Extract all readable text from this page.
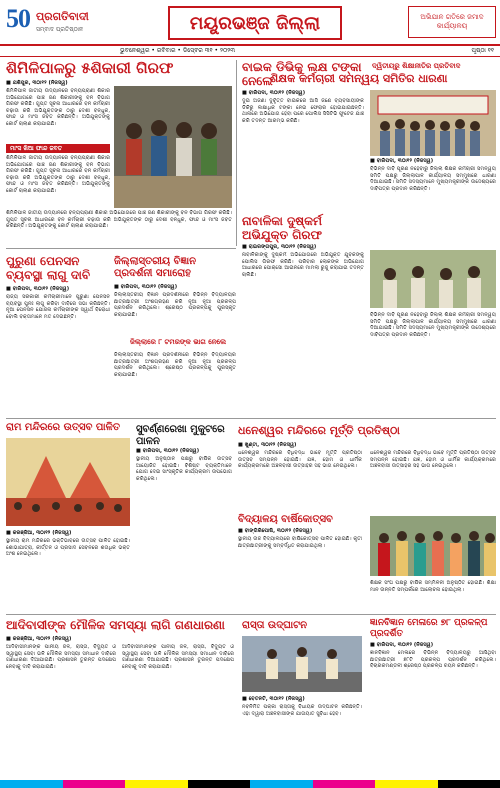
50 ପ୍ରଗତିବାଦୀ
ସମ୍ବାଦ ପ୍ରତିଷ୍ଠାନ	ମୟୂରଭଞ୍ଜ ଜିଲ୍ଲା	ଅଭିଯାନ ଗତିରେ ଜମାଦ କାର୍ଯ୍ୟାଳୟ
ଭୁବନେଶ୍ୱର • ରବିବାର • ଡିସେ୍ବର ୩୧ • ୨୦୨୩	ପୃଷ୍ଠା ୧୧
ଶିମିଳିପାଳରୁ ୫ଶିକାରୀ ଗିରଫ
■ ଯଶିପୁର, ୩୦ା୧୨ (ନିଜସ୍ୱ)
ଶିମିଳିପାଳ ଜାତୀୟ ଉଦ୍ୟାନରେ ବନ୍ୟପ୍ରାଣୀ ଶିକାର ଅଭିଯୋଗରେ ପାଞ୍ଚ ଜଣ ଶିକାରୀଙ୍କୁ ବନ ବିଭାଗ ଗିରଫ କରିଛି। ଗୁପ୍ତ ସୂଚନା ଆଧାରରେ ବନ କର୍ମଚାରୀ ଚଢ଼ାଉ କରି ଅଭିଯୁକ୍ତଙ୍କ ଠାରୁ ଦେଶୀ ବନ୍ଧୁକ, ଫାନ୍ଦ ଓ ମାଂସ ଜବତ କରିଛନ୍ତି। ଅଭିଯୁକ୍ତଙ୍କୁ କୋର୍ଟ ଚାଲାଣ କରାଯାଇଛି।
ମାଂସ ଖିଆ ଫାନ୍ଦ ଜବତ
ଶିମିଳିପାଳ ଜାତୀୟ ଉଦ୍ୟାନରେ ବନ୍ୟପ୍ରାଣୀ ଶିକାର ଅଭିଯୋଗରେ ପାଞ୍ଚ ଜଣ ଶିକାରୀଙ୍କୁ ବନ ବିଭାଗ ଗିରଫ କରିଛି। ଗୁପ୍ତ ସୂଚନା ଆଧାରରେ ବନ କର୍ମଚାରୀ ଚଢ଼ାଉ କରି ଅଭିଯୁକ୍ତଙ୍କ ଠାରୁ ଦେଶୀ ବନ୍ଧୁକ, ଫାନ୍ଦ ଓ ମାଂସ ଜବତ କରିଛନ୍ତି। ଅଭିଯୁକ୍ତଙ୍କୁ କୋର୍ଟ ଚାଲାଣ କରାଯାଇଛି।
ଶିମିଳିପାଳ ଜାତୀୟ ଉଦ୍ୟାନରେ ବନ୍ୟପ୍ରାଣୀ ଶିକାର ଅଭିଯୋଗରେ ପାଞ୍ଚ ଜଣ ଶିକାରୀଙ୍କୁ ବନ ବିଭାଗ ଗିରଫ କରିଛି। ଗୁପ୍ତ ସୂଚନା ଆଧାରରେ ବନ କର୍ମଚାରୀ ଚଢ଼ାଉ କରି ଅଭିଯୁକ୍ତଙ୍କ ଠାରୁ ଦେଶୀ ବନ୍ଧୁକ, ଫାନ୍ଦ ଓ ମାଂସ ଜବତ କରିଛନ୍ତି। ଅଭିଯୁକ୍ତଙ୍କୁ କୋର୍ଟ ଚାଲାଣ କରାଯାଇଛି।
ବାଇକ ଡିଭିକୁ ଲକ୍ଷ ଟଙ୍କା ନେଲେ
■ ବାରିପଦା, ୩୦ା୧୨ (ନିଜସ୍ୱ)
ଦୁଇ ଅଜଣା ଦୁର୍ବୃତ୍ତ ବାଇକରେ ଆସି ଜଣେ ବ୍ୟବସାୟୀଙ୍କ ଡିକିରୁ ଲକ୍ଷାଧିକ ଟଙ୍କା ନେଇ ଫେରାର ହୋଇଯାଇଛନ୍ତି। ଥାନାରେ ଅଭିଯୋଗ ହେବା ପରେ ପୋଲିସ ସିସିଟିଭି ଫୁଟେଜ ଯାଞ୍ଚ କରି ତଦନ୍ତ ଆରମ୍ଭ କରିଛି।
ଦ୍ୱିତୀୟରୁ ଶିକ୍ଷାନୀତିର ପ୍ରତିବାଦ
ଶିକ୍ଷକ କର୍ମଚାରୀ ସମନ୍ୱୟ ସମିତିର ଧାରଣା
■ ବାରିପଦା, ୩୦ା୧୨ (ନିଜସ୍ୱ)
ବିଭିନ୍ନ ଦାବି ପୂରଣ ନହେବାରୁ ଜିଲ୍ଲା ଶିକ୍ଷକ କର୍ମଚାରୀ ସମନ୍ୱୟ ସମିତି ପକ୍ଷରୁ ଜିଲ୍ଲାପାଳ କାର୍ଯ୍ୟାଳୟ ସମ୍ମୁଖରେ ଧାରଣା ଦିଆଯାଇଛି। ସମିତି ସଦସ୍ୟମାନେ ମୁଖ୍ୟମନ୍ତ୍ରୀଙ୍କ ଉଦ୍ଦେଶ୍ୟରେ ଦାବିପତ୍ର ପ୍ରଦାନ କରିଛନ୍ତି।
ନାବାଳିକା ଦୁଷ୍କର୍ମ ଅଭିଯୁକ୍ତ ଗିରଫ
■ ରାଇରଙ୍ଗପୁର, ୩୦ା୧୨ (ନିଜସ୍ୱ)
ନାବାଳିକାଙ୍କୁ ଦୁଷ୍କର୍ମ ଅଭିଯୋଗରେ ଅଭିଯୁକ୍ତ ଯୁବକଙ୍କୁ ପୋଲିସ ଗିରଫ କରିଛି। ପରିବାର ଲୋକଙ୍କ ଅଭିଯୋଗ ଆଧାରରେ ପୋକ୍ସୋ ଆଇନରେ ମାମଲା ରୁଜୁ କରାଯାଇ ତଦନ୍ତ ଚାଲିଛି।
ବିଭିନ୍ନ ଦାବି ପୂରଣ ନହେବାରୁ ଜିଲ୍ଲା ଶିକ୍ଷକ କର୍ମଚାରୀ ସମନ୍ୱୟ ସମିତି ପକ୍ଷରୁ ଜିଲ୍ଲାପାଳ କାର୍ଯ୍ୟାଳୟ ସମ୍ମୁଖରେ ଧାରଣା ଦିଆଯାଇଛି। ସମିତି ସଦସ୍ୟମାନେ ମୁଖ୍ୟମନ୍ତ୍ରୀଙ୍କ ଉଦ୍ଦେଶ୍ୟରେ ଦାବିପତ୍ର ପ୍ରଦାନ କରିଛନ୍ତି।
ପୁରୁଣା ପେନସନ ବ୍ୟବସ୍ଥା ଲାଗୁ ଦାବି
■ ବାରିପଦା, ୩୦ା୧୨ (ନିଜସ୍ୱ)
ରାଜ୍ୟ ସରକାରୀ କର୍ମଚାରୀମାନେ ପୁରୁଣା ପେନସନ ବ୍ୟବସ୍ଥା ପୁନଃ ଲାଗୁ କରିବା ଦାବିରେ ସଭା କରିଛନ୍ତି। ନୂଆ ପେନସନ ଯୋଜନା କର୍ମଚାରୀଙ୍କ ସ୍ୱାର୍ଥ ବିରୋଧୀ ବୋଲି ବକ୍ତାମାନେ ମତ ଦେଇଛନ୍ତି।
ଜିଲ୍ଲାସ୍ତରୀୟ ବିଜ୍ଞାନ ପ୍ରଦର୍ଶନୀ ସମାରୋହ
■ ବାରିପଦା, ୩୦ା୧୨ (ନିଜସ୍ୱ)
ଜିଲ୍ଲାସ୍ତରୀୟ ବିଜ୍ଞାନ ପ୍ରଦର୍ଶନୀରେ ବିଭିନ୍ନ ବିଦ୍ୟାଳୟର ଛାତ୍ରଛାତ୍ରୀ ଅଂଶଗ୍ରହଣ କରି ନୂଆ ନୂଆ ପ୍ରକଳ୍ପ ପ୍ରଦର୍ଶନ କରିଥିଲେ। ଶ୍ରେଷ୍ଠ ପ୍ରକଳ୍ପକୁ ପୁରସ୍କୃତ କରାଯାଇଛି।
ଜିଲ୍ଲାରେ ୮ ଟମରଙ୍କ ଭାଗ ନେଲେ
ଜିଲ୍ଲାସ୍ତରୀୟ ବିଜ୍ଞାନ ପ୍ରଦର୍ଶନୀରେ ବିଭିନ୍ନ ବିଦ୍ୟାଳୟର ଛାତ୍ରଛାତ୍ରୀ ଅଂଶଗ୍ରହଣ କରି ନୂଆ ନୂଆ ପ୍ରକଳ୍ପ ପ୍ରଦର୍ଶନ କରିଥିଲେ। ଶ୍ରେଷ୍ଠ ପ୍ରକଳ୍ପକୁ ପୁରସ୍କୃତ କରାଯାଇଛି।
ରାମ ମନ୍ଦିରରେ ଉତ୍ସବ ପାଳିତ
■ କରଞ୍ଜିଆ, ୩୦ା୧୨ (ନିଜସ୍ୱ)
ସ୍ଥାନୀୟ ରାମ ମନ୍ଦିରରେ ଭକ୍ତିଭାବରେ ଉତ୍ସବ ପାଳିତ ହୋଇଛି। ଶୋଭାଯାତ୍ରା, କୀର୍ତ୍ତନ ଓ ପ୍ରସାଦ ସେବନରେ ଶତାଧିକ ଭକ୍ତ ଅଂଶ ନେଇଥିଲେ।
ସୁବର୍ଣ୍ଣରେଖା ମୁକୁଟରେ ପାଳନ
■ ବାରିପଦା, ୩୦ା୧୨ (ନିଜସ୍ୱ)
ସ୍ଥାନୀୟ ଅନୁଷ୍ଠାନ ପକ୍ଷରୁ ବାର୍ଷିକ ଉତ୍ସବ ଆୟୋଜିତ ହୋଇଛି। ବିଶିଷ୍ଟ ବ୍ୟକ୍ତିମାନେ ଯୋଗ ଦେଇ ସାଂସ୍କୃତିକ କାର୍ଯ୍ୟକ୍ରମ ଉପଭୋଗ କରିଥିଲେ।
ଧନେଶ୍ୱର ମନ୍ଦିରରେ ମୂର୍ତ୍ତି ପ୍ରତିଷ୍ଠା
■ ଖୁଣ୍ଟା, ୩୦ା୧୨ (ନିଜସ୍ୱ)
ଧନେଶ୍ୱର ମନ୍ଦିରରେ ବିଧିବଦ୍ଧ ଭାବେ ମୂର୍ତ୍ତି ପ୍ରତିଷ୍ଠା ଉତ୍ସବ ସମ୍ପନ୍ନ ହୋଇଛି। ଯଜ୍ଞ, ହୋମ ଓ ଧାର୍ମିକ କାର୍ଯ୍ୟକ୍ରମରେ ଅଞ୍ଚଳବାସୀ ଉତ୍ସାହର ସହ ଭାଗ ନେଇଥିଲେ।
ଧନେଶ୍ୱର ମନ୍ଦିରରେ ବିଧିବଦ୍ଧ ଭାବେ ମୂର୍ତ୍ତି ପ୍ରତିଷ୍ଠା ଉତ୍ସବ ସମ୍ପନ୍ନ ହୋଇଛି। ଯଜ୍ଞ, ହୋମ ଓ ଧାର୍ମିକ କାର୍ଯ୍ୟକ୍ରମରେ ଅଞ୍ଚଳବାସୀ ଉତ୍ସାହର ସହ ଭାଗ ନେଇଥିଲେ।
ବିଦ୍ୟାଳୟ ବାର୍ଷିକୋତ୍ସବ
■ ବାଙ୍ଗିରିପୋଷି, ୩୦ା୧୨ (ନିଜସ୍ୱ)
ସ୍ଥାନୀୟ ଉଚ୍ଚ ବିଦ୍ୟାଳୟରେ ବାର୍ଷିକୋତ୍ସବ ପାଳିତ ହୋଇଛି। କୃତୀ ଛାତ୍ରଛାତ୍ରୀଙ୍କୁ ସମ୍ବର୍ଦ୍ଧିତ କରାଯାଇଥିଲା।
ଶିକ୍ଷକ ସଂଘ ପକ୍ଷରୁ ବାର୍ଷିକ ସମ୍ମିଳନୀ ଅନୁଷ୍ଠିତ ହୋଇଛି। ଶିକ୍ଷା ମାନ ଉନ୍ନତି ସମ୍ପର୍କରେ ଆଲୋଚନା ହୋଇଥିଲା।
ଆଦିବାସୀଙ୍କ ମୌଳିକ ସମସ୍ୟା ଲାଗି ଗଣଧାରଣା
■ କରଞ୍ଜିଆ, ୩୦ା୧୨ (ନିଜସ୍ୱ)
ଆଦିବାସୀମାନଙ୍କ ପାନୀୟ ଜଳ, ରାସ୍ତା, ବିଦ୍ୟୁତ ଓ ସ୍ୱାସ୍ଥ୍ୟ ସେବା ଭଳି ମୌଳିକ ସମସ୍ୟା ସମାଧାନ ଦାବିରେ ଗଣଧାରଣା ଦିଆଯାଇଛି। ପ୍ରଶାସନ ତୁରନ୍ତ ପଦକ୍ଷେପ ନେବାକୁ ଦାବି କରାଯାଇଛି।
ଆଦିବାସୀମାନଙ୍କ ପାନୀୟ ଜଳ, ରାସ୍ତା, ବିଦ୍ୟୁତ ଓ ସ୍ୱାସ୍ଥ୍ୟ ସେବା ଭଳି ମୌଳିକ ସମସ୍ୟା ସମାଧାନ ଦାବିରେ ଗଣଧାରଣା ଦିଆଯାଇଛି। ପ୍ରଶାସନ ତୁରନ୍ତ ପଦକ୍ଷେପ ନେବାକୁ ଦାବି କରାଯାଇଛି।
ରାସ୍ତା ଉଦ୍‌ଘାଟନ
■ ବେତନଟି, ୩୦ା୧୨ (ନିଜସ୍ୱ)
ନବନିର୍ମିତ ପକ୍କା ରାସ୍ତାକୁ ବିଧାୟକ ଉଦ୍‌ଘାଟନ କରିଛନ୍ତି। ଏହା ଦ୍ୱାରା ଅଞ୍ଚଳବାସୀଙ୍କ ଯାତାୟାତ ସୁବିଧା ହେବ।
ଜ୍ଞାନବିଜ୍ଞାନ ମେଳାରେ ୭୮ ପ୍ରକଳ୍ପ ପ୍ରଦର୍ଶିତ
■ ବାରିପଦା, ୩୦ା୧୨ (ନିଜସ୍ୱ)
ଜ୍ଞାନବିଜ୍ଞାନ ମେଳାରେ ବିଭିନ୍ନ ବିଦ୍ୟାଳୟରୁ ଆସିଥିବା ଛାତ୍ରଛାତ୍ରୀ ୭୮ଟି ପ୍ରକଳ୍ପ ପ୍ରଦର୍ଶନ କରିଥିଲେ। ବିଚାରକମଣ୍ଡଳୀ ଶ୍ରେଷ୍ଠ ପ୍ରକଳ୍ପ ଚୟନ କରିଛନ୍ତି।
